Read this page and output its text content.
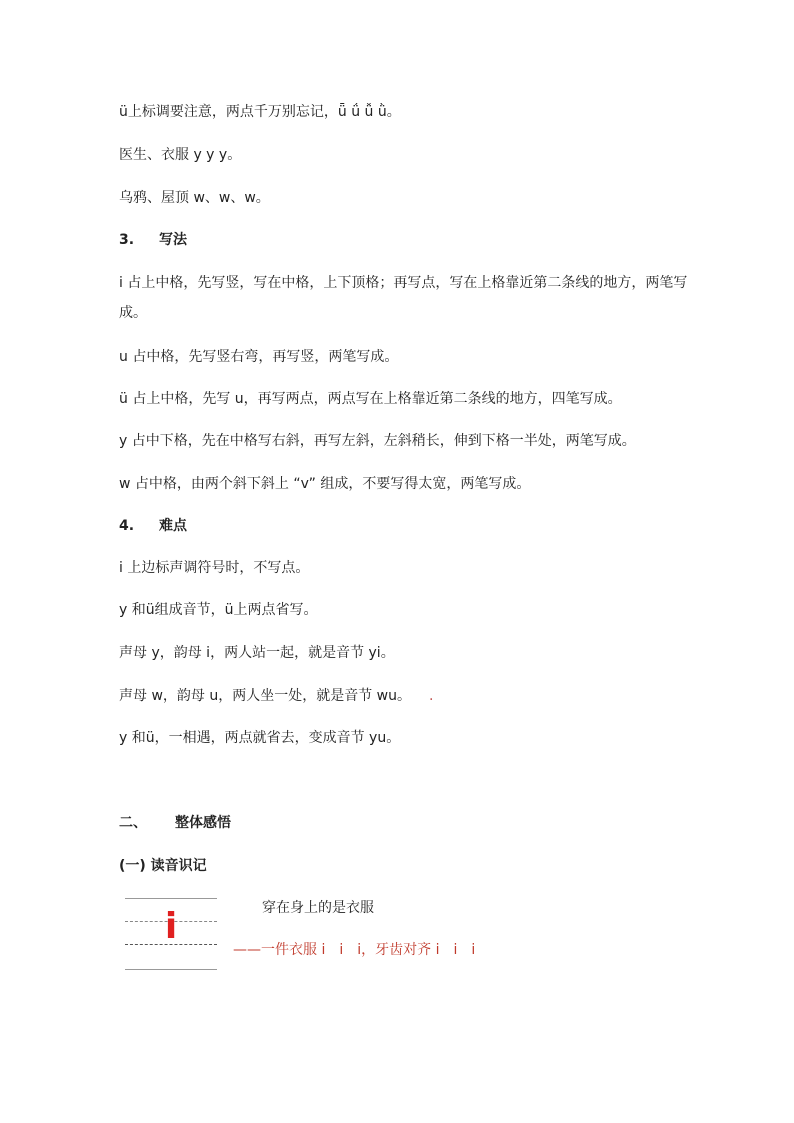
ü上标调要注意，两点千万别忘记，ǖ ǘ ǚ ǜ。
医生、衣服 y y y。
乌鸦、屋顶 w、w、w。
3. 写法
i 占上中格，先写竖，写在中格，上下顶格；再写点，写在上格靠近第二条线的地方，两笔写成。
u 占中格，先写竖右弯，再写竖，两笔写成。
ü 占上中格，先写 u，再写两点，两点写在上格靠近第二条线的地方，四笔写成。
y 占中下格，先在中格写右斜，再写左斜，左斜稍长，伸到下格一半处，两笔写成。
w 占中格，由两个斜下斜上 “v” 组成，不要写得太宽，两笔写成。
4. 难点
i 上边标声调符号时，不写点。
y 和ü组成音节，ü上两点省写。
声母 y，韵母 i，两人站一起，就是音节 yi。
声母 w，韵母 u，两人坐一处，就是音节 wu。 .
y 和ü，一相遇，两点就省去，变成音节 yu。
二、 整体感悟
(一) 读音识记
i	穿在身上的是衣服
——一件衣服 i　i　i，牙齿对齐 i　i　i
